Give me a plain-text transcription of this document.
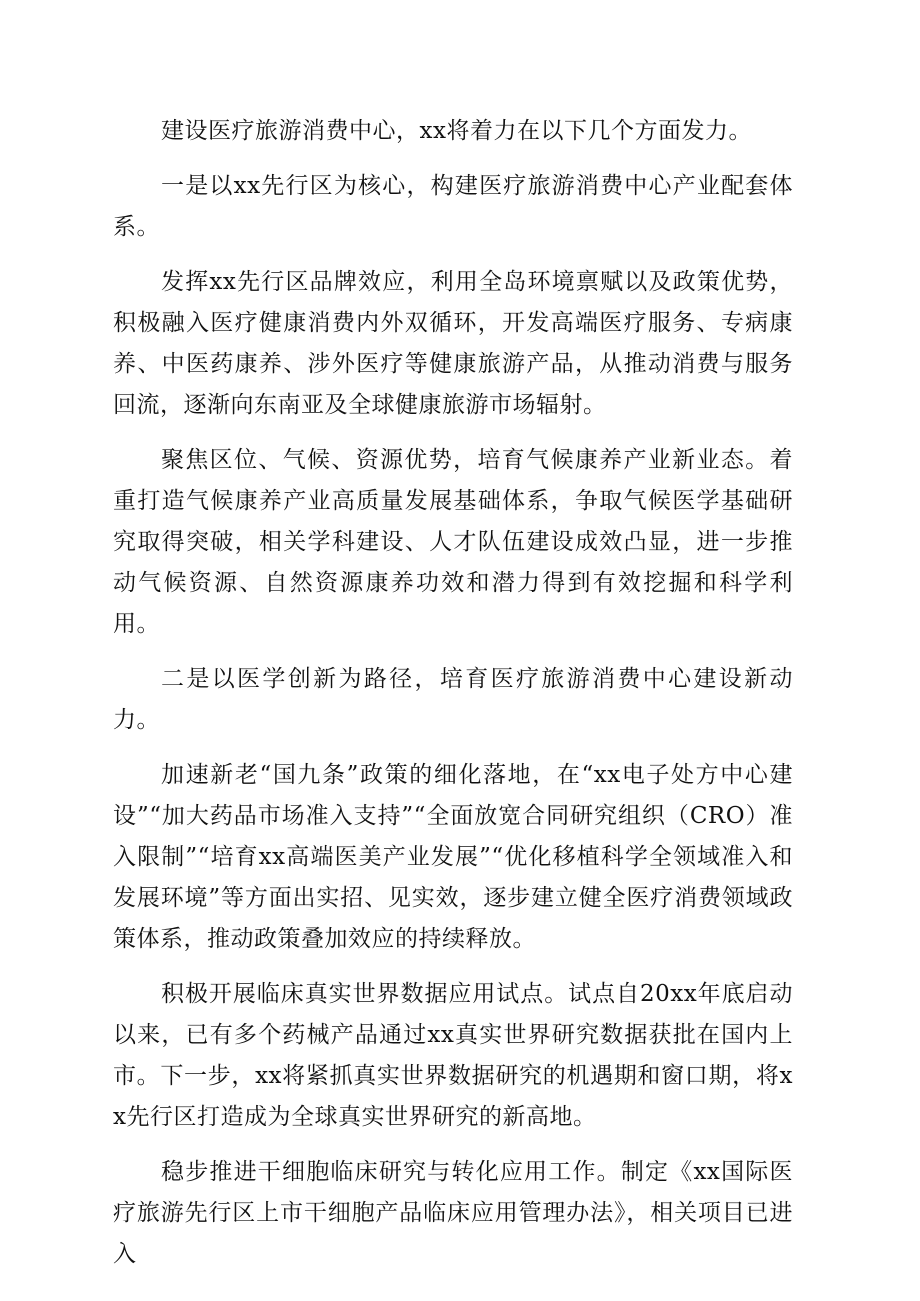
建设医疗旅游消费中心，xx将着力在以下几个方面发力。

一是以xx先行区为核心，构建医疗旅游消费中心产业配套体系。

发挥xx先行区品牌效应，利用全岛环境禀赋以及政策优势，积极融入医疗健康消费内外双循环，开发高端医疗服务、专病康养、中医药康养、涉外医疗等健康旅游产品，从推动消费与服务回流，逐渐向东南亚及全球健康旅游市场辐射。

聚焦区位、气候、资源优势，培育气候康养产业新业态。着重打造气候康养产业高质量发展基础体系，争取气候医学基础研究取得突破，相关学科建设、人才队伍建设成效凸显，进一步推动气候资源、自然资源康养功效和潜力得到有效挖掘和科学利用。

二是以医学创新为路径，培育医疗旅游消费中心建设新动力。

加速新老“国九条”政策的细化落地，在“xx电子处方中心建设”“加大药品市场准入支持”“全面放宽合同研究组织（CRO）准入限制”“培育xx高端医美产业发展”“优化移植科学全领域准入和发展环境”等方面出实招、见实效，逐步建立健全医疗消费领域政策体系，推动政策叠加效应的持续释放。

积极开展临床真实世界数据应用试点。试点自20xx年底启动以来，已有多个药械产品通过xx真实世界研究数据获批在国内上市。下一步，xx将紧抓真实世界数据研究的机遇期和窗口期，将xx先行区打造成为全球真实世界研究的新高地。

稳步推进干细胞临床研究与转化应用工作。制定《xx国际医疗旅游先行区上市干细胞产品临床应用管理办法》，相关项目已进入
